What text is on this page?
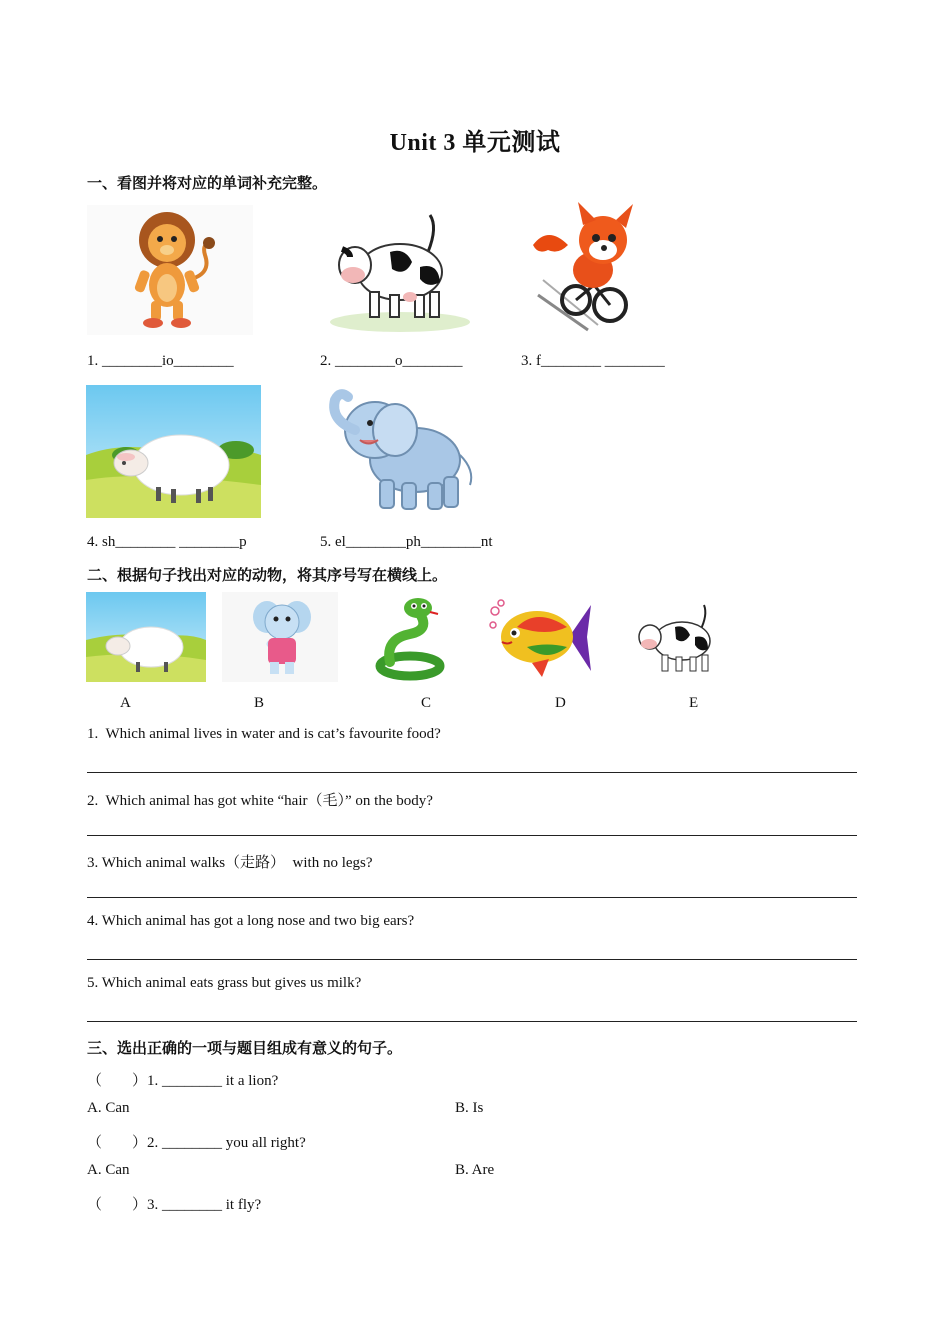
Unit 3 单元测试
一、看图并将对应的单词补充完整。
1. ________io________	2. ________o________	3. f________ ________
4. sh________ ________p	5. el________ph________nt
二、根据句子找出对应的动物，将其序号写在横线上。
A	B	C	D	E
1.  Which animal lives in water and is cat’s favourite food?
2.  Which animal has got white “hair（毛）” on the body?
3. Which animal walks（走路）  with no legs?
4. Which animal has got a long nose and two big ears?
5. Which animal eats grass but gives us milk?
三、选出正确的一项与题目组成有意义的句子。
（　　）1. ________ it a lion?
A. Can	B. Is
（　　）2. ________ you all right?
A. Can	B. Are
（　　）3. ________ it fly?
